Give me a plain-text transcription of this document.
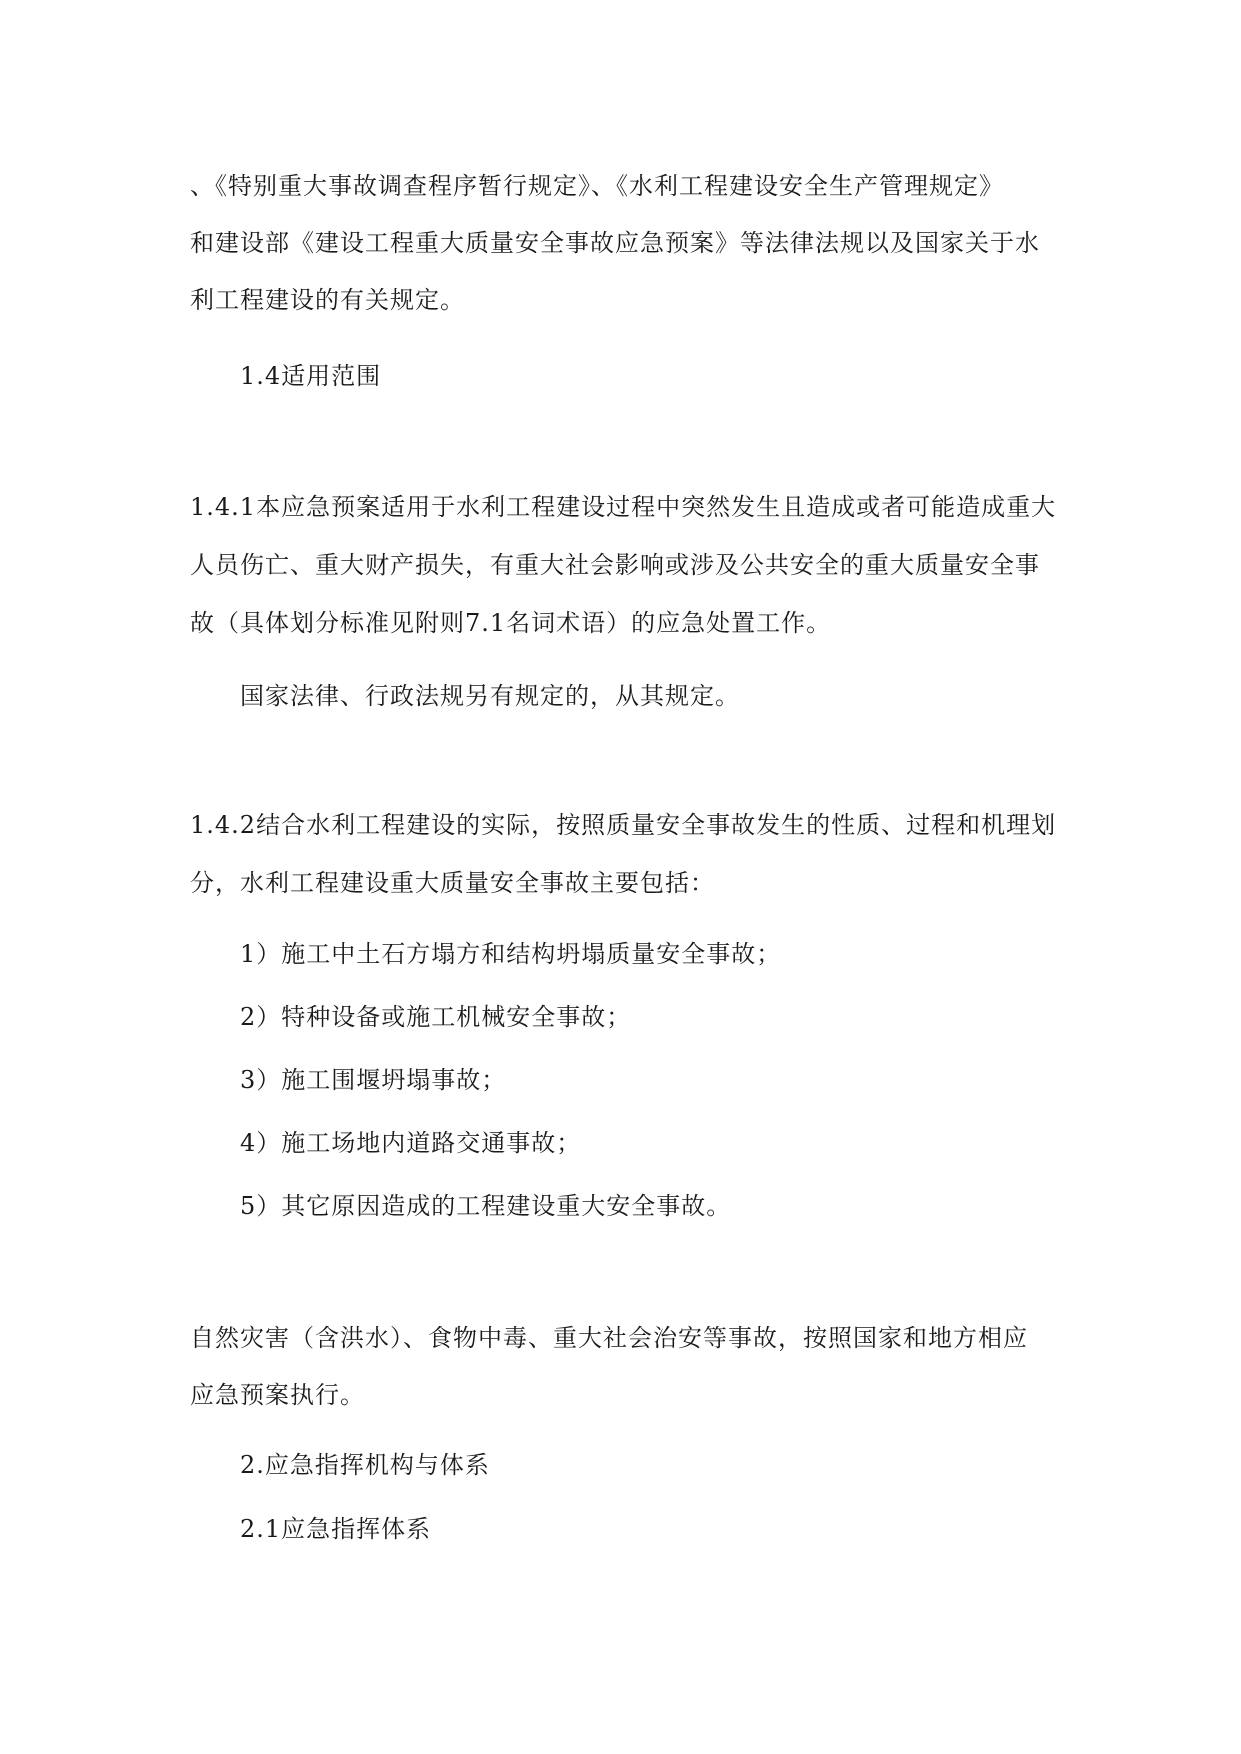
、《特别重大事故调查程序暂行规定》、《水利工程建设安全生产管理规定》
和建设部《建设工程重大质量安全事故应急预案》等法律法规以及国家关于水
利工程建设的有关规定。
1.4适用范围
1.4.1本应急预案适用于水利工程建设过程中突然发生且造成或者可能造成重大
人员伤亡、重大财产损失，有重大社会影响或涉及公共安全的重大质量安全事
故（具体划分标准见附则7.1名词术语）的应急处置工作。
国家法律、行政法规另有规定的，从其规定。
1.4.2结合水利工程建设的实际，按照质量安全事故发生的性质、过程和机理划
分，水利工程建设重大质量安全事故主要包括：
1）施工中土石方塌方和结构坍塌质量安全事故；
2）特种设备或施工机械安全事故；
3）施工围堰坍塌事故；
4）施工场地内道路交通事故；
5）其它原因造成的工程建设重大安全事故。
自然灾害（含洪水）、食物中毒、重大社会治安等事故，按照国家和地方相应
应急预案执行。
2.应急指挥机构与体系
2.1应急指挥体系
